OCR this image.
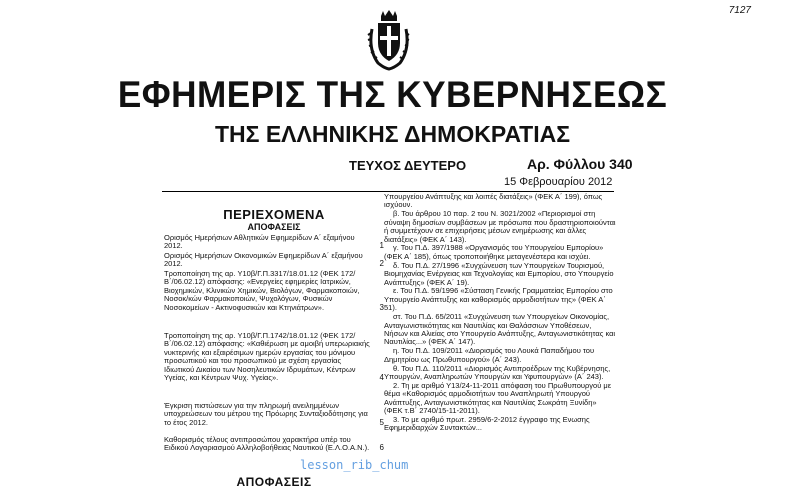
7127
ΕΦΗΜΕΡΙΣ ΤΗΣ ΚΥΒΕΡΝΗΣΕΩΣ
ΤΗΣ ΕΛΛΗΝΙΚΗΣ ΔΗΜΟΚΡΑΤΙΑΣ
ΤΕΥΧΟΣ ΔΕΥΤΕΡΟ	Αρ. Φύλλου 340
15 Φεβρουαρίου 2012
ΠΕΡΙΕΧΟΜΕΝΑ
ΑΠΟΦΑΣΕΙΣ
Ορισμός Ημερήσιων Αθλητικών Εφημερίδων Α΄ εξαμήνου 2012.	1
Ορισμός Ημερήσιων Οικονομικών Εφημερίδων Α΄ εξαμήνου 2012.	2
Τροποποίηση της αρ. Υ10β/Γ.Π.3317/18.01.12 (ΦΕΚ 172/Β΄/06.02.12) απόφασης: «Ενεργείες εφημερίες Ιατρικών, Βιοχημικών, Κλινικών Χημικών, Βιολόγων, Φαρμακοποιών, Νοσοκ/κών Φαρμακοποιών, Ψυχολόγων, Φυσικών Νοσοκομείων - Ακτινοφυσικών και Κτηνιάτρων».	3
Τροποποίηση της αρ. Υ10β/Γ.Π.1742/18.01.12 (ΦΕΚ 172/Β΄/06.02.12) απόφασης: «Καθιέρωση με αμοιβή υπερωριακής νυκτερινής και εξαιρέσιμων ημερών εργασίας του μόνιμου προσωπικού και του προσωπικού με σχέση εργασίας Ιδιωτικού Δικαίου των Νοσηλευτικών Ιδρυμάτων, Κέντρων Υγείας, και Κέντρων Ψυχ. Υγείας».	4
Έγκριση πιστώσεων για την πληρωμή ανειλημμένων υποχρεώσεων του μέτρου της Πρόωρης Συνταξιοδότησης για το έτος 2012.	5
Καθορισμός τέλους αντιπροσώπου χαρακτήρα υπέρ του Ειδικού Λογαριασμού Αλληλοβοήθειας Ναυτικού (Ε.Λ.Ο.Α.Ν.).	6
ΑΠΟΦΑΣΕΙΣ

Υπουργείου Ανάπτυξης και λοιπές διατάξεις» (ΦΕΚ Α΄ 199), όπως ισχύουν.

β. Του άρθρου 10 παρ. 2 του Ν. 3021/2002 «Περιορισμοί στη σύναψη δημοσίων συμβάσεων με πρόσωπα που δραστηριοποιούνται ή συμμετέχουν σε επιχειρήσεις μέσων ενημέρωσης και άλλες διατάξεις» (ΦΕΚ Α΄ 143).

γ. Του Π.Δ. 397/1988 «Οργανισμός του Υπουργείου Εμπορίου» (ΦΕΚ Α΄ 185), όπως τροποποιήθηκε μεταγενέστερα και ισχύει.

δ. Του Π.Δ. 27/1996 «Συγχώνευση των Υπουργείων Τουρισμού, Βιομηχανίας Ενέργειας και Τεχνολογίας και Εμπορίου, στο Υπουργείο Ανάπτυξης» (ΦΕΚ Α΄ 19).

ε. Του Π.Δ. 59/1996 «Σύσταση Γενικής Γραμματείας Εμπορίου στο Υπουργείο Ανάπτυξης και καθορισμός αρμοδιοτήτων της» (ΦΕΚ Α΄ 51).

στ. Του Π.Δ. 65/2011 «Συγχώνευση των Υπουργείων Οικονομίας, Ανταγωνιστικότητας και Ναυτιλίας και Θαλάσσιων Υποθέσεων, Νήσων και Αλιείας στο Υπουργείο Ανάπτυξης, Ανταγωνιστικότητας και Ναυτιλίας...» (ΦΕΚ Α΄ 147).

η. Του Π.Δ. 109/2011 «Διορισμός του Λουκά Παπαδήμου του Δημητρίου ως Πρωθυπουργού» (Α΄ 243).

θ. Του Π.Δ. 110/2011 «Διορισμός Αντιπροέδρων της Κυβέρνησης, Υπουργών, Αναπληρωτών Υπουργών και Υφυπουργών» (Α΄ 243).

2. Τη με αριθμό Υ13/24-11-2011 απόφαση του Πρωθυπουργού με θέμα «Καθορισμός αρμοδιοτήτων του Αναπληρωτή Υπουργού Ανάπτυξης, Ανταγωνιστικότητας και Ναυτιλίας Σωκράτη Ξυνίδη» (ΦΕΚ τ.Β΄ 2740/15-11-2011).

3. Το με αριθμό πρωτ. 2959/6-2-2012 έγγραφο της Ενωσης Εφημεριδαρχών Συντακτών...

lesson_rib_chum
